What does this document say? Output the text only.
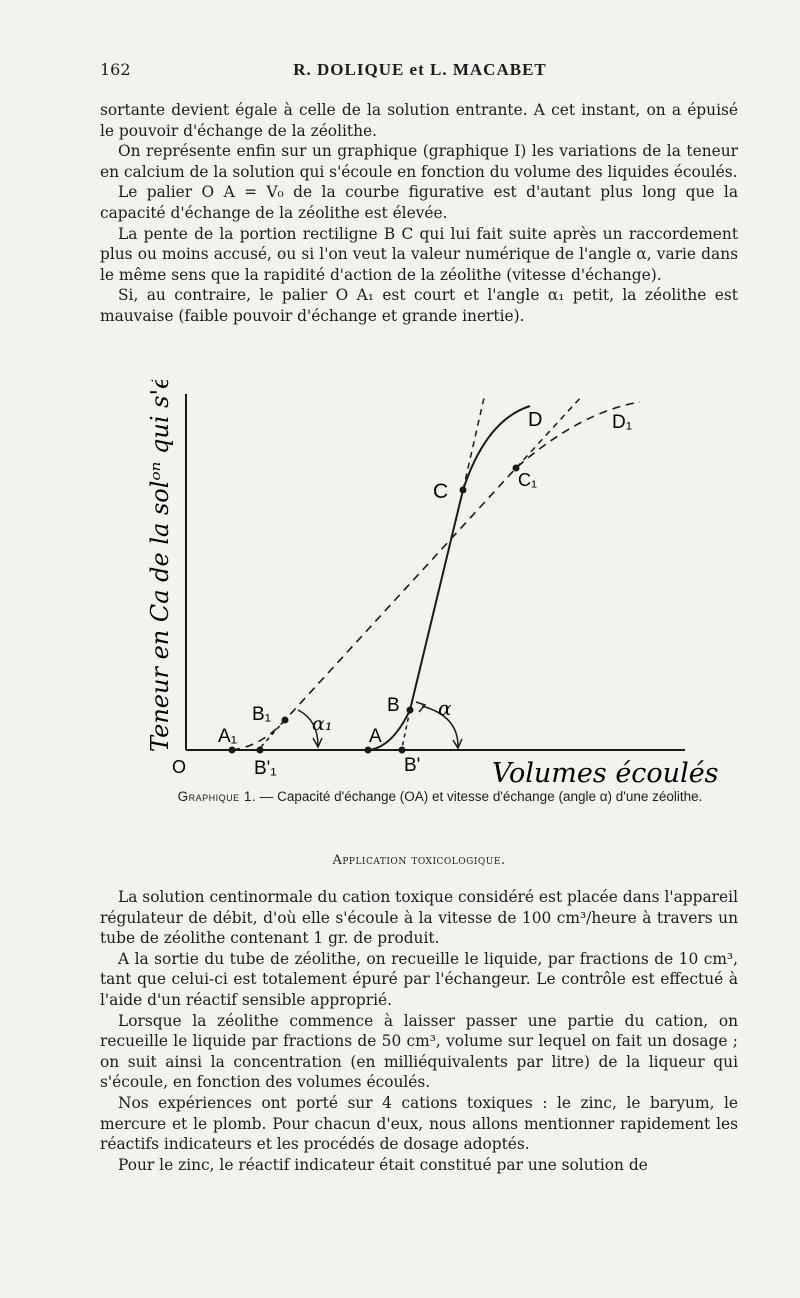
162	R. DOLIQUE et L. MACABET

sortante devient égale à celle de la solution entrante. A cet instant, on a épuisé le pouvoir d'échange de la zéolithe.

On représente enfin sur un graphique (graphique I) les variations de la teneur en calcium de la solution qui s'écoule en fonction du volume des liquides écoulés.

Le palier O A = V₀ de la courbe figurative est d'autant plus long que la capacité d'échange de la zéolithe est élevée.

La pente de la portion rectiligne B C qui lui fait suite après un raccordement plus ou moins accusé, ou si l'on veut la valeur numérique de l'angle α, varie dans le même sens que la rapidité d'action de la zéolithe (vitesse d'échange).

Si, au contraire, le palier O A₁ est court et l'angle α₁ petit, la zéolithe est mauvaise (faible pouvoir d'échange et grande inertie).

O
A₁
B₁
B'₁
α₁
A
B
B'
α
C	C₁
D	D₁
Teneur en Ca de la solᵒⁿ qui s'écoule
Volumes écoulés
Graphique 1. — Capacité d'échange (OA) et vitesse d'échange (angle α) d'une zéolithe.
Application toxicologique.

La solution centinormale du cation toxique considéré est placée dans l'appareil régulateur de débit, d'où elle s'écoule à la vitesse de 100 cm³/heure à travers un tube de zéolithe contenant 1 gr. de produit.

A la sortie du tube de zéolithe, on recueille le liquide, par fractions de 10 cm³, tant que celui-ci est totalement épuré par l'échangeur. Le contrôle est effectué à l'aide d'un réactif sensible approprié.

Lorsque la zéolithe commence à laisser passer une partie du cation, on recueille le liquide par fractions de 50 cm³, volume sur lequel on fait un dosage ; on suit ainsi la concentration (en milliéquivalents par litre) de la liqueur qui s'écoule, en fonction des volumes écoulés.

Nos expériences ont porté sur 4 cations toxiques : le zinc, le baryum, le mercure et le plomb. Pour chacun d'eux, nous allons mentionner rapidement les réactifs indicateurs et les procédés de dosage adoptés.

Pour le zinc, le réactif indicateur était constitué par une solution de
